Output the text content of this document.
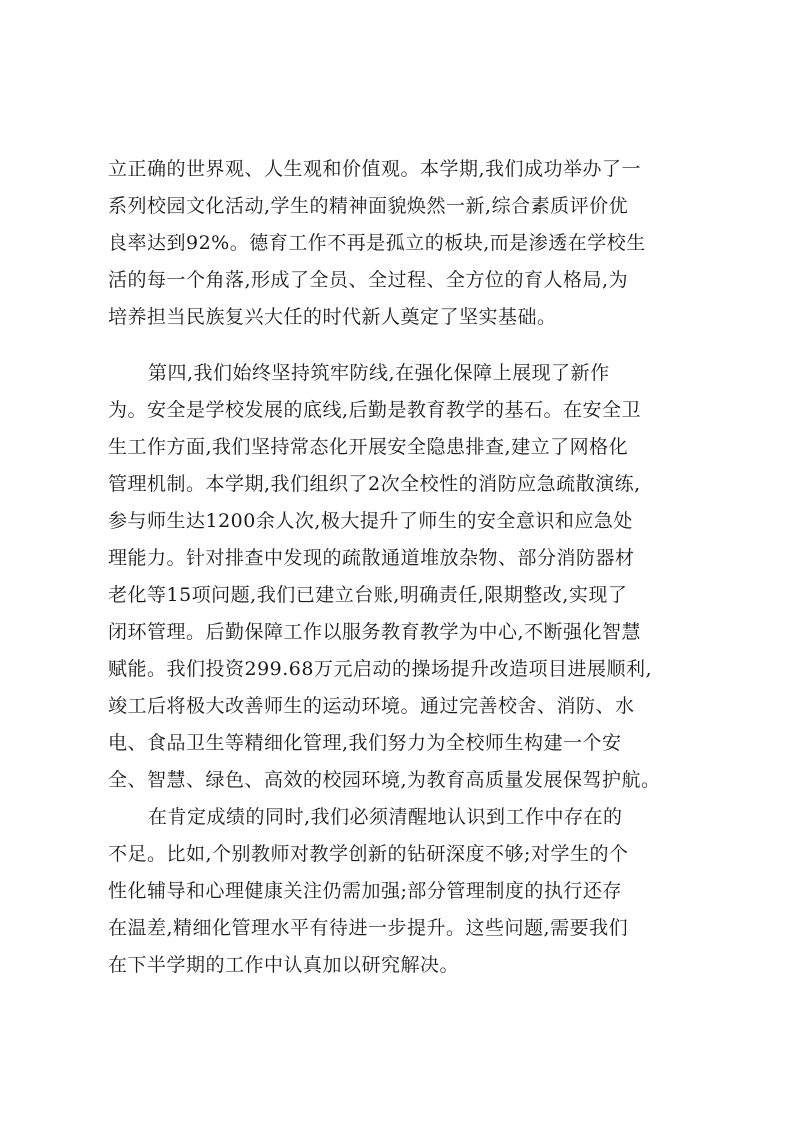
立正确的世界观、人生观和价值观。本学期,我们成功举办了一
系列校园文化活动,学生的精神面貌焕然一新,综合素质评价优
良率达到92%。德育工作不再是孤立的板块,而是渗透在学校生
活的每一个角落,形成了全员、全过程、全方位的育人格局,为
培养担当民族复兴大任的时代新人奠定了坚实基础。
第四,我们始终坚持筑牢防线,在强化保障上展现了新作
为。安全是学校发展的底线,后勤是教育教学的基石。在安全卫
生工作方面,我们坚持常态化开展安全隐患排查,建立了网格化
管理机制。本学期,我们组织了2次全校性的消防应急疏散演练,
参与师生达1200余人次,极大提升了师生的安全意识和应急处
理能力。针对排查中发现的疏散通道堆放杂物、部分消防器材
老化等15项问题,我们已建立台账,明确责任,限期整改,实现了
闭环管理。后勤保障工作以服务教育教学为中心,不断强化智慧
赋能。我们投资299.68万元启动的操场提升改造项目进展顺利,
竣工后将极大改善师生的运动环境。通过完善校舍、消防、水
电、食品卫生等精细化管理,我们努力为全校师生构建一个安
全、智慧、绿色、高效的校园环境,为教育高质量发展保驾护航。
在肯定成绩的同时,我们必须清醒地认识到工作中存在的
不足。比如,个别教师对教学创新的钻研深度不够;对学生的个
性化辅导和心理健康关注仍需加强;部分管理制度的执行还存
在温差,精细化管理水平有待进一步提升。这些问题,需要我们
在下半学期的工作中认真加以研究解决。
